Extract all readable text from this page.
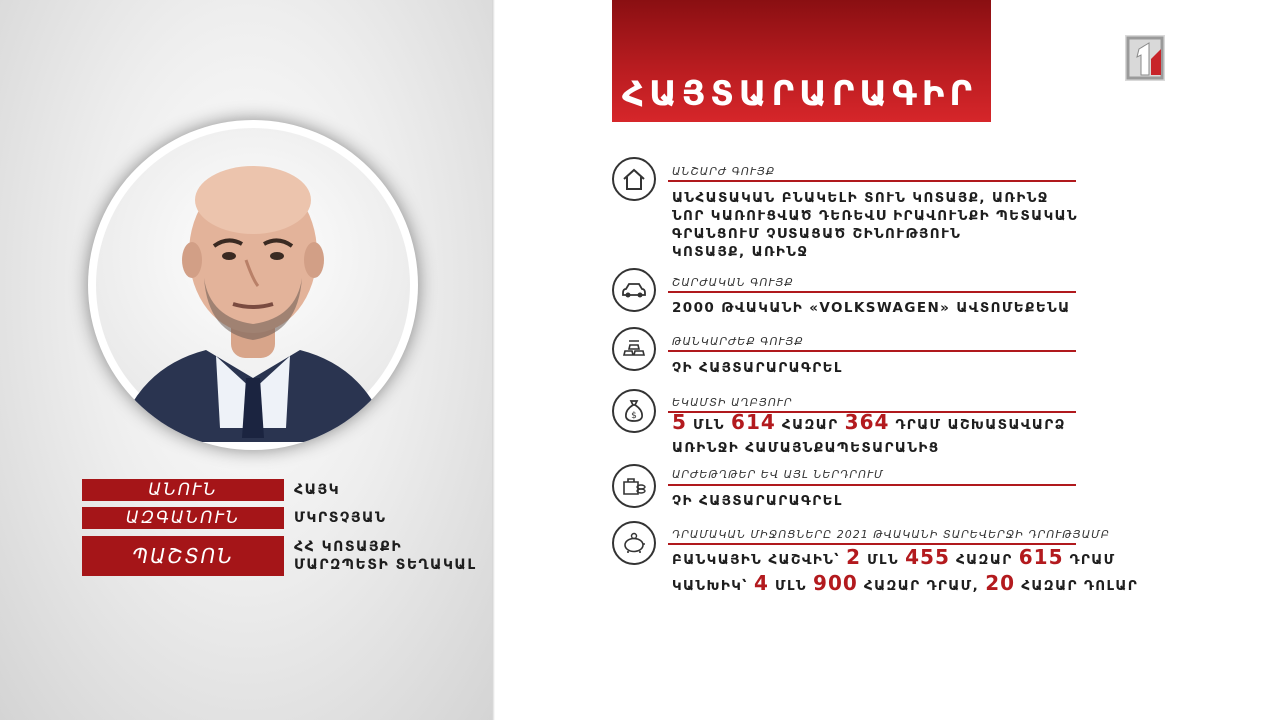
ԱՆՈՒՆ	ՀԱՅԿ
ԱԶԳԱՆՈՒՆ	ՄԿՐՏՉՅԱՆ
ՊԱՇՏՈՆ	ՀՀ ԿՈՏԱՅՔԻ
ՄԱՐԶՊԵՏԻ ՏԵՂԱԿԱԼ
ՀԱՅՏԱՐԱՐԱԳԻՐ
ԱՆՇԱՐԺ ԳՈՒՅՔ
ԱՆՀԱՏԱԿԱՆ ԲՆԱԿԵԼԻ ՏՈՒՆ ԿՈՏԱՅՔ, ԱՌԻՆՋ
ՆՈՐ ԿԱՌՈՒՑՎԱԾ ԴԵՌԵՎՍ ԻՐԱՎՈՒՆՔԻ ՊԵՏԱԿԱՆ
ԳՐԱՆՑՈՒՄ ՉՍՏԱՑԱԾ ՇԻՆՈՒԹՅՈՒՆ
ԿՈՏԱՅՔ, ԱՌԻՆՋ
ՇԱՐԺԱԿԱՆ ԳՈՒՅՔ
2000 ԹՎԱԿԱՆԻ «VOLKSWAGEN» ԱՎՏՈՄԵՔԵՆԱ
ԹԱՆԿԱՐԺԵՔ ԳՈՒՅՔ
ՉԻ ՀԱՅՏԱՐԱՐԱԳՐԵԼ
$
ԵԿԱՄՏԻ ԱՂԲՅՈՒՐ
5 ՄԼՆ 614 ՀԱԶԱՐ 364 ԴՐԱՄ ԱՇԽԱՏԱՎԱՐՁ
ԱՌԻՆՋԻ ՀԱՄԱՅՆՔԱՊԵՏԱՐԱՆԻՑ
ԱՐԺԵԹՂԹԵՐ ԵՎ ԱՅԼ ՆԵՐԴՐՈՒՄ
ՉԻ ՀԱՅՏԱՐԱՐԱԳՐԵԼ
ԴՐԱՄԱԿԱՆ ՄԻՋՈՑՆԵՐԸ 2021 ԹՎԱԿԱՆԻ ՏԱՐԵՎԵՐՋԻ ԴՐՈՒԹՅԱՄԲ
ԲԱՆԿԱՅԻՆ ՀԱՇՎԻՆ՝ 2 ՄԼՆ 455 ՀԱԶԱՐ 615 ԴՐԱՄ
ԿԱՆԽԻԿ՝ 4 ՄԼՆ 900 ՀԱԶԱՐ ԴՐԱՄ, 20 ՀԱԶԱՐ ԴՈԼԱՐ
